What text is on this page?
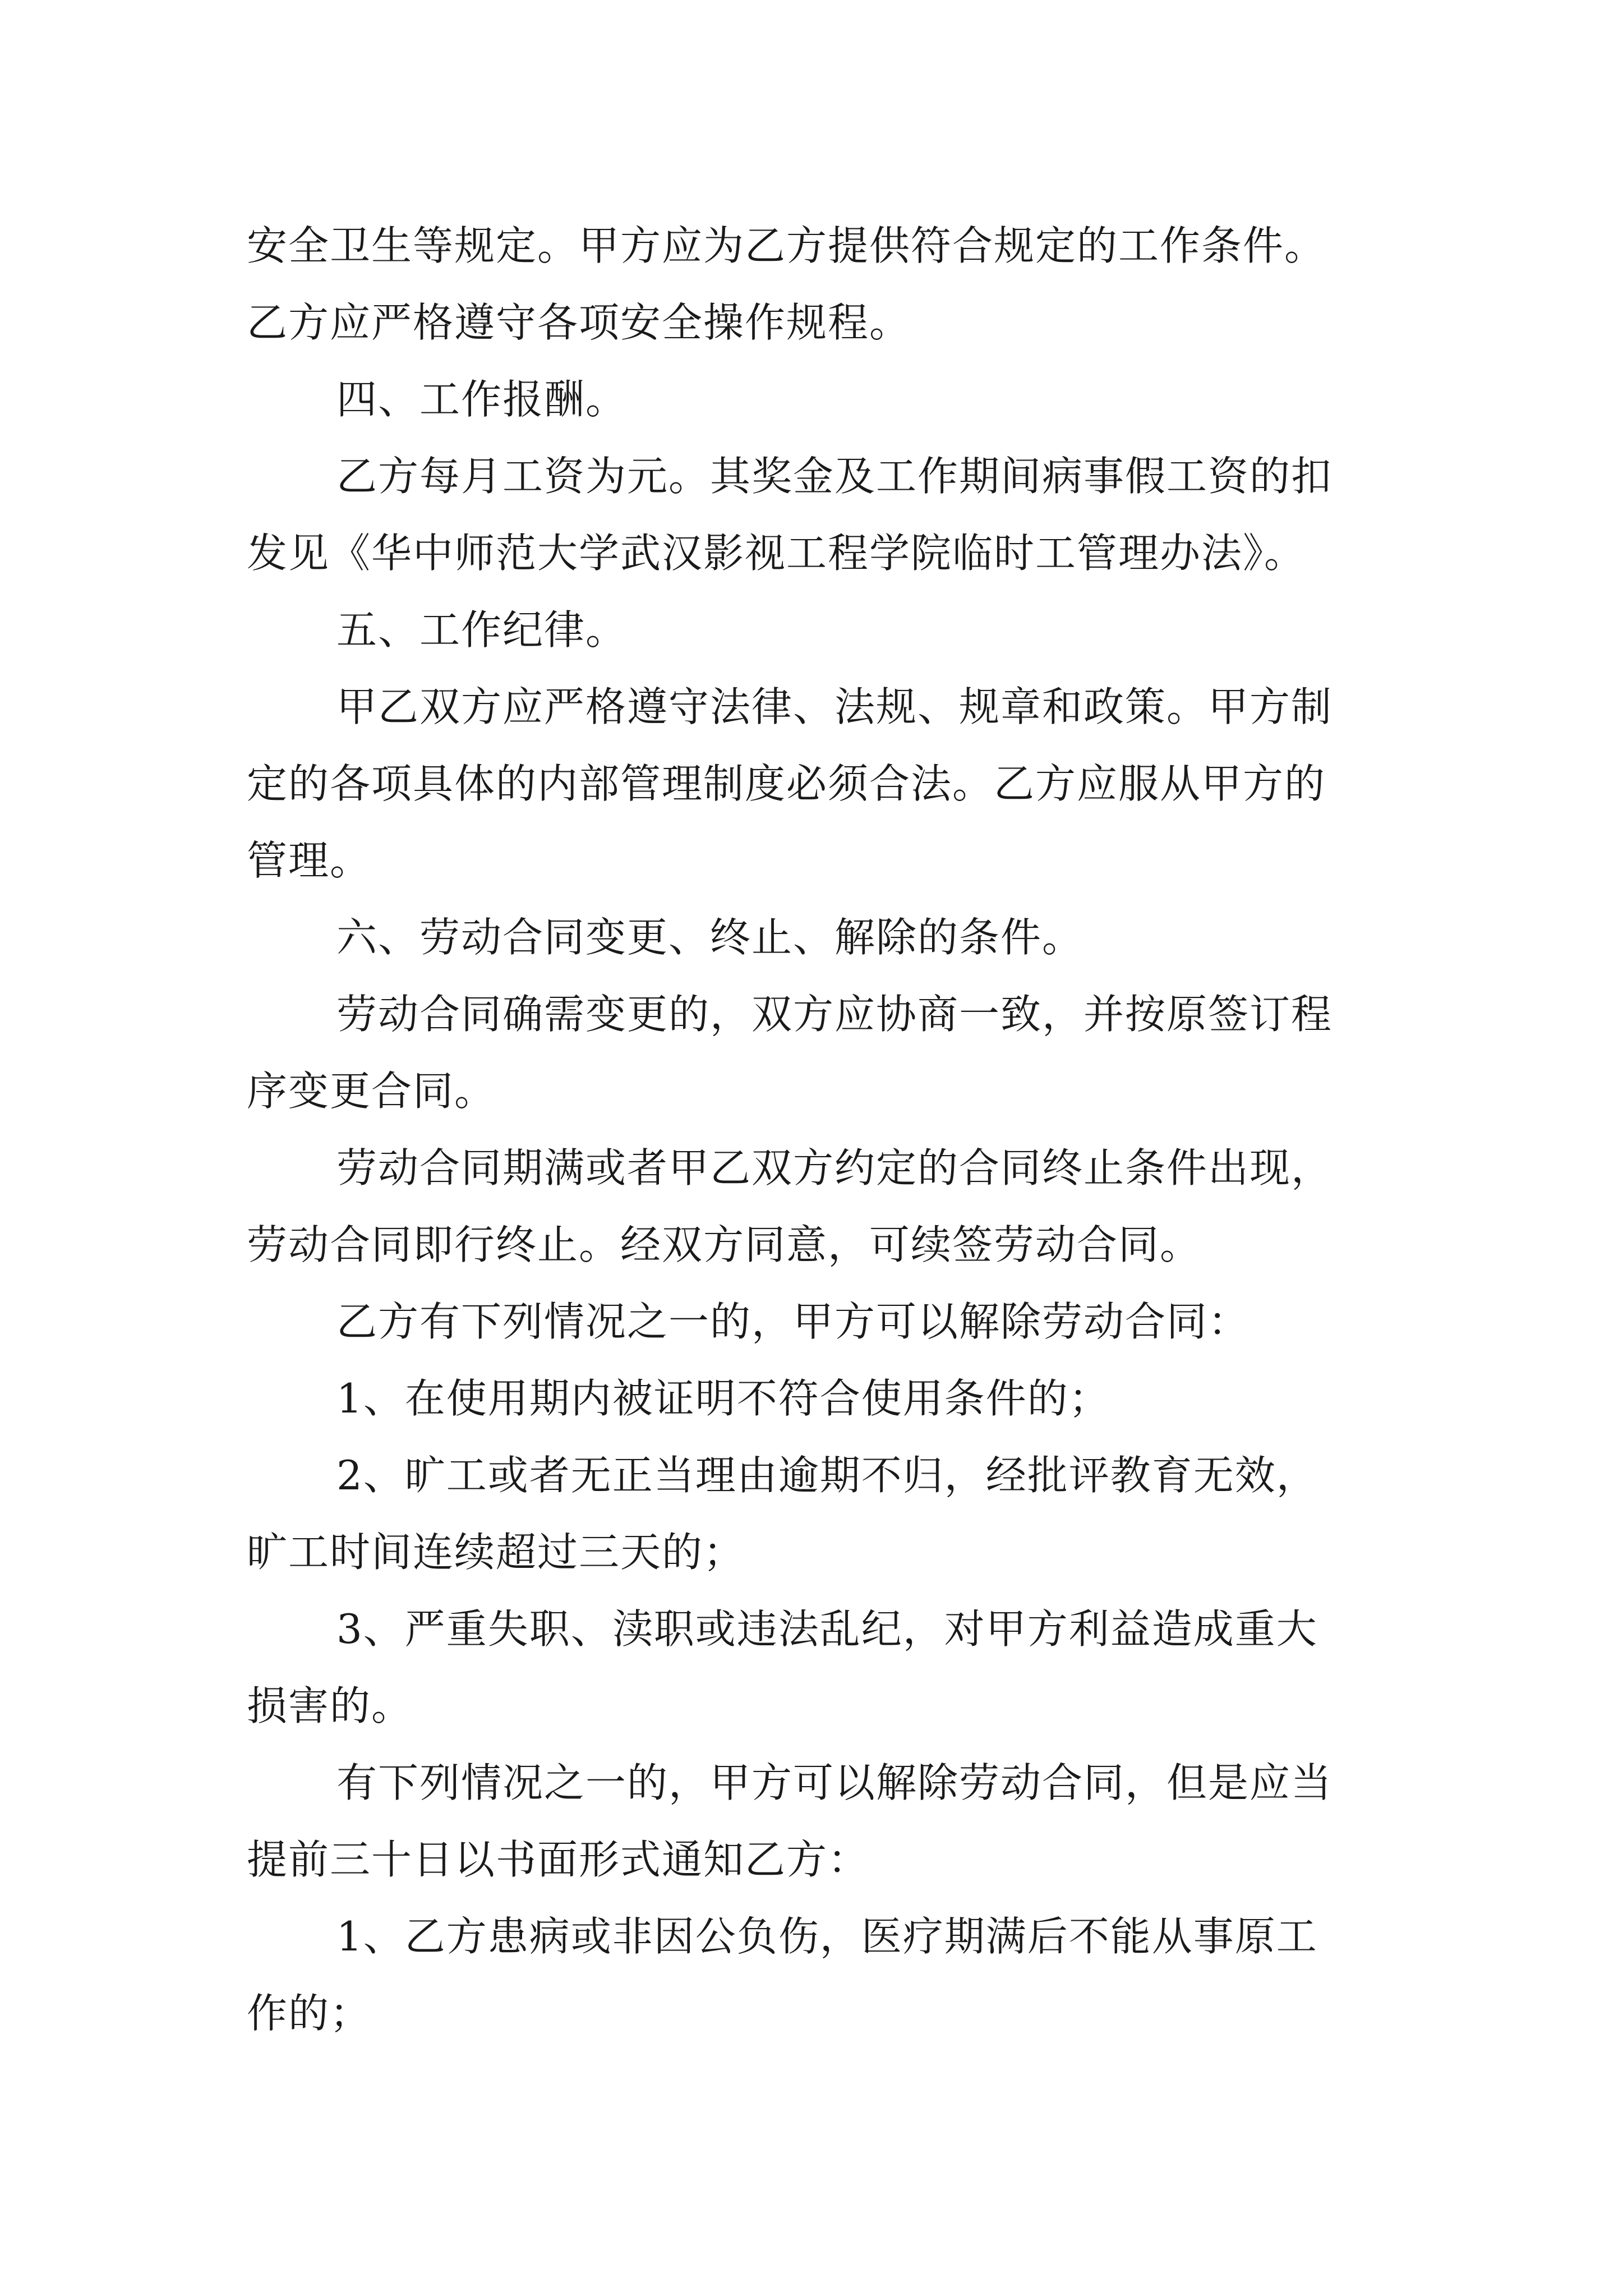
安全卫生等规定。甲方应为乙方提供符合规定的工作条件。
乙方应严格遵守各项安全操作规程。
四、工作报酬。
乙方每月工资为元。其奖金及工作期间病事假工资的扣
发见《华中师范大学武汉影视工程学院临时工管理办法》。
五、工作纪律。
甲乙双方应严格遵守法律、法规、规章和政策。甲方制
定的各项具体的内部管理制度必须合法。乙方应服从甲方的
管理。
六、劳动合同变更、终止、解除的条件。
劳动合同确需变更的，双方应协商一致，并按原签订程
序变更合同。
劳动合同期满或者甲乙双方约定的合同终止条件出现，
劳动合同即行终止。经双方同意，可续签劳动合同。
乙方有下列情况之一的，甲方可以解除劳动合同：
1、在使用期内被证明不符合使用条件的；
2、旷工或者无正当理由逾期不归，经批评教育无效，
旷工时间连续超过三天的；
3、严重失职、渎职或违法乱纪，对甲方利益造成重大
损害的。
有下列情况之一的，甲方可以解除劳动合同，但是应当
提前三十日以书面形式通知乙方：
1、乙方患病或非因公负伤，医疗期满后不能从事原工
作的；
